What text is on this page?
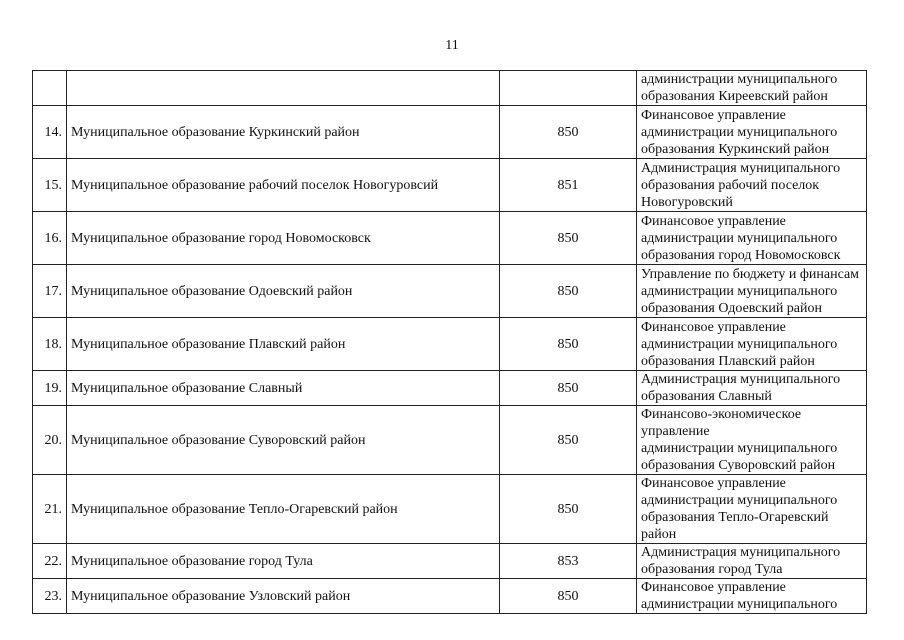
11
			администрации муниципального
образования Киреевский район
14.	Муниципальное образование Куркинский район	850	Финансовое управление
администрации муниципального
образования Куркинский район
15.	Муниципальное образование рабочий поселок Новогуровсий	851	Администрация муниципального
образования рабочий поселок
Новогуровский
16.	Муниципальное образование город Новомосковск	850	Финансовое управление
администрации муниципального
образования город Новомосковск
17.	Муниципальное образование Одоевский район	850	Управление по бюджету и финансам
администрации муниципального
образования Одоевский район
18.	Муниципальное образование Плавский район	850	Финансовое управление
администрации муниципального
образования Плавский район
19.	Муниципальное образование Славный	850	Администрация муниципального
образования Славный
20.	Муниципальное образование Суворовский район	850	Финансово-экономическое управление
администрации муниципального
образования Суворовский район
21.	Муниципальное образование Тепло-Огаревский район	850	Финансовое управление
администрации муниципального
образования Тепло-Огаревский район
22.	Муниципальное образование город Тула	853	Администрация муниципального
образования город Тула
23.	Муниципальное образование Узловский район	850	Финансовое управление
администрации муниципального
